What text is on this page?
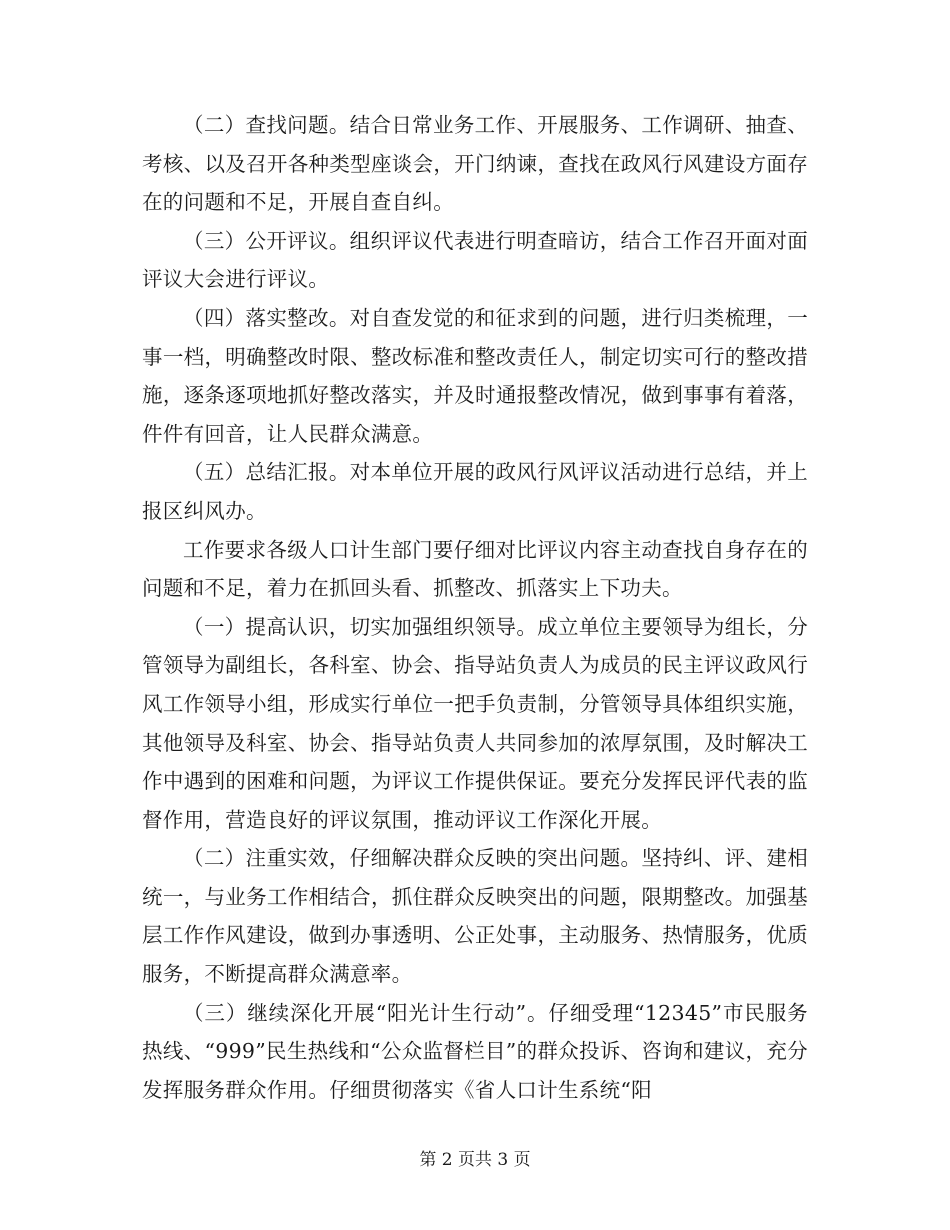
（二）查找问题。结合日常业务工作、开展服务、工作调研、抽查、考核、以及召开各种类型座谈会，开门纳谏，查找在政风行风建设方面存在的问题和不足，开展自查自纠。

（三）公开评议。组织评议代表进行明查暗访，结合工作召开面对面评议大会进行评议。

（四）落实整改。对自查发觉的和征求到的问题，进行归类梳理，一事一档，明确整改时限、整改标准和整改责任人，制定切实可行的整改措施，逐条逐项地抓好整改落实，并及时通报整改情况，做到事事有着落，件件有回音，让人民群众满意。

（五）总结汇报。对本单位开展的政风行风评议活动进行总结，并上报区纠风办。

工作要求各级人口计生部门要仔细对比评议内容主动查找自身存在的问题和不足，着力在抓回头看、抓整改、抓落实上下功夫。

（一）提高认识，切实加强组织领导。成立单位主要领导为组长，分管领导为副组长，各科室、协会、指导站负责人为成员的民主评议政风行风工作领导小组，形成实行单位一把手负责制，分管领导具体组织实施，其他领导及科室、协会、指导站负责人共同参加的浓厚氛围，及时解决工作中遇到的困难和问题，为评议工作提供保证。要充分发挥民评代表的监督作用，营造良好的评议氛围，推动评议工作深化开展。

（二）注重实效，仔细解决群众反映的突出问题。坚持纠、评、建相统一，与业务工作相结合，抓住群众反映突出的问题，限期整改。加强基层工作作风建设，做到办事透明、公正处事，主动服务、热情服务，优质服务，不断提高群众满意率。

（三）继续深化开展“阳光计生行动”。仔细受理“12345”市民服务热线、“999”民生热线和“公众监督栏目”的群众投诉、咨询和建议，充分发挥服务群众作用。仔细贯彻落实《省人口计生系统“阳

第 2 页共 3 页
